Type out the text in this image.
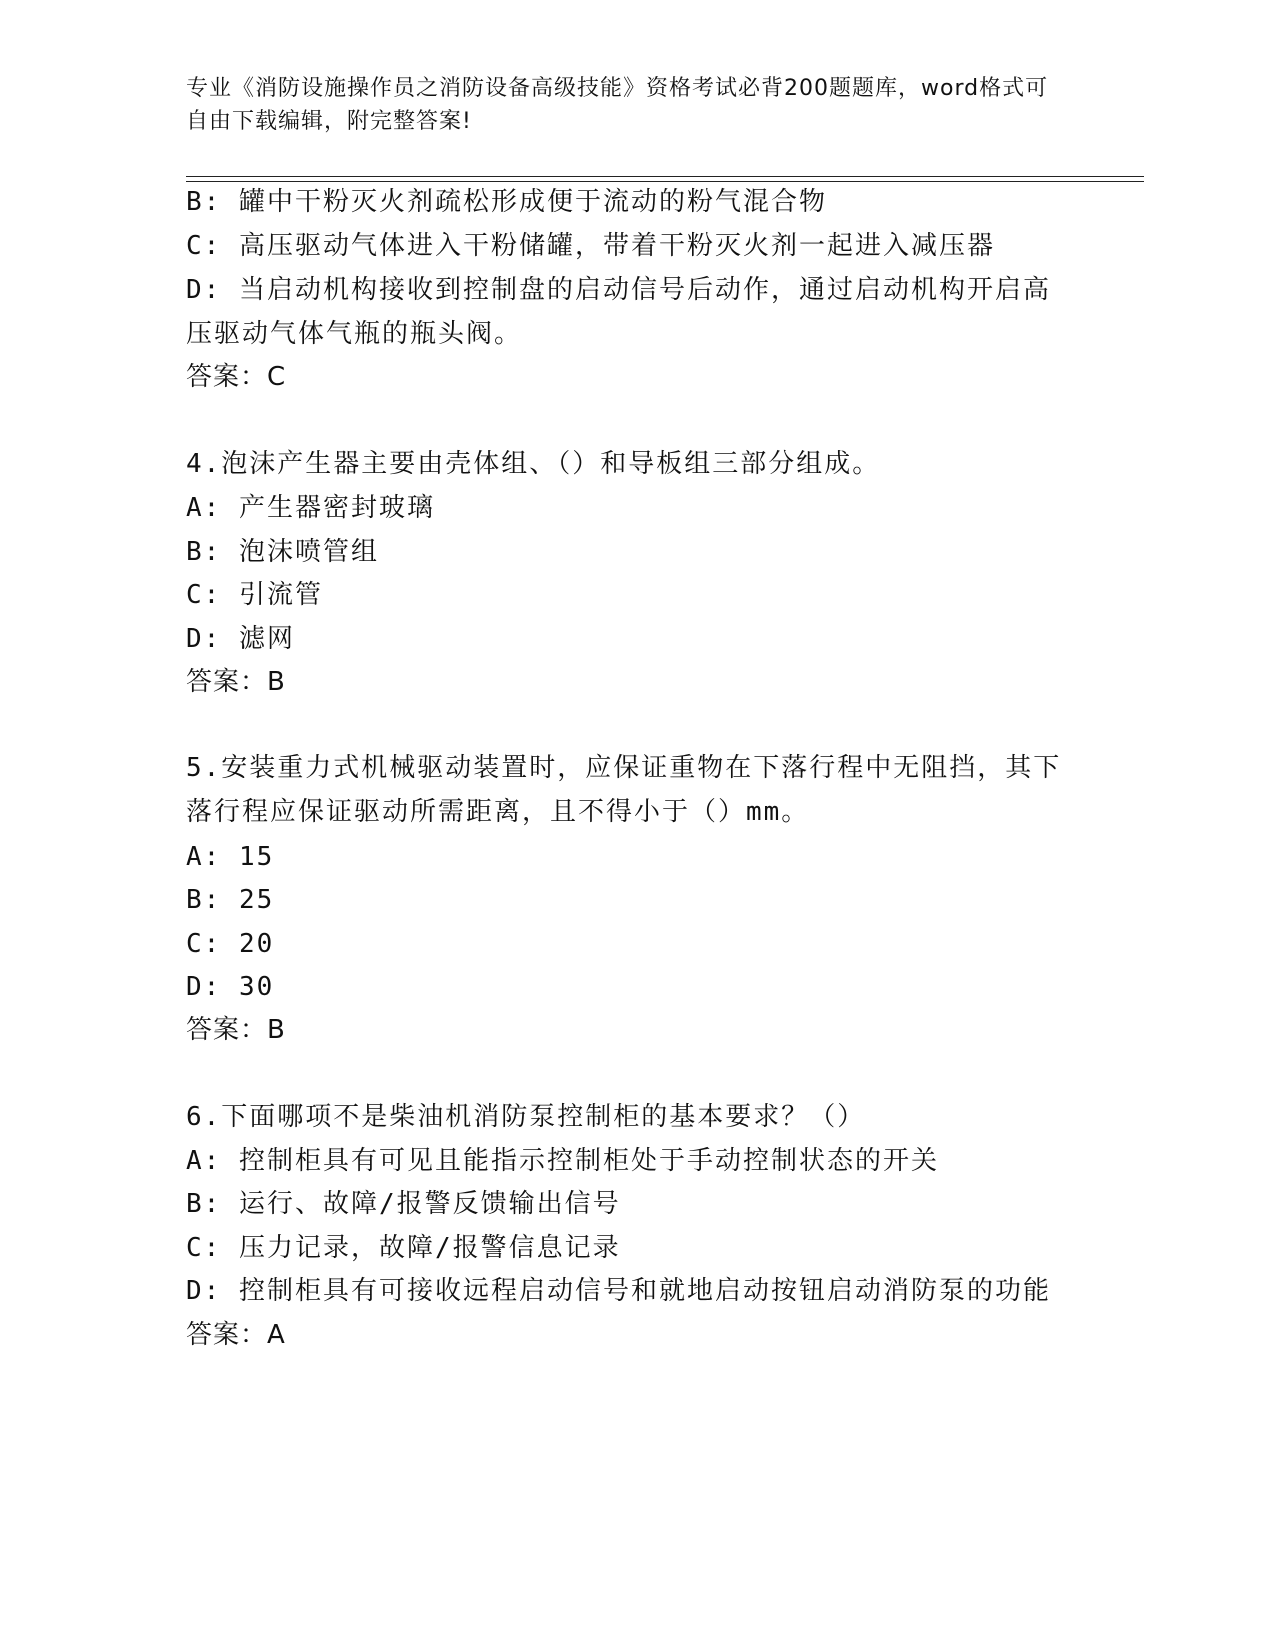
专业《消防设施操作员之消防设备高级技能》资格考试必背200题题库，word格式可自由下载编辑，附完整答案!
B: 罐中干粉灭火剂疏松形成便于流动的粉气混合物
C: 高压驱动气体进入干粉储罐，带着干粉灭火剂一起进入减压器
D: 当启动机构接收到控制盘的启动信号后动作，通过启动机构开启高压驱动气体气瓶的瓶头阀。
答案：C
4.泡沫产生器主要由壳体组、（）和导板组三部分组成。
A: 产生器密封玻璃
B: 泡沫喷管组
C: 引流管
D: 滤网
答案：B
5.安装重力式机械驱动装置时，应保证重物在下落行程中无阻挡，其下落行程应保证驱动所需距离，且不得小于（）mm。
A: 15
B: 25
C: 20
D: 30
答案：B
6.下面哪项不是柴油机消防泵控制柜的基本要求？（）
A: 控制柜具有可见且能指示控制柜处于手动控制状态的开关
B: 运行、故障/报警反馈输出信号
C: 压力记录，故障/报警信息记录
D: 控制柜具有可接收远程启动信号和就地启动按钮启动消防泵的功能
答案：A
